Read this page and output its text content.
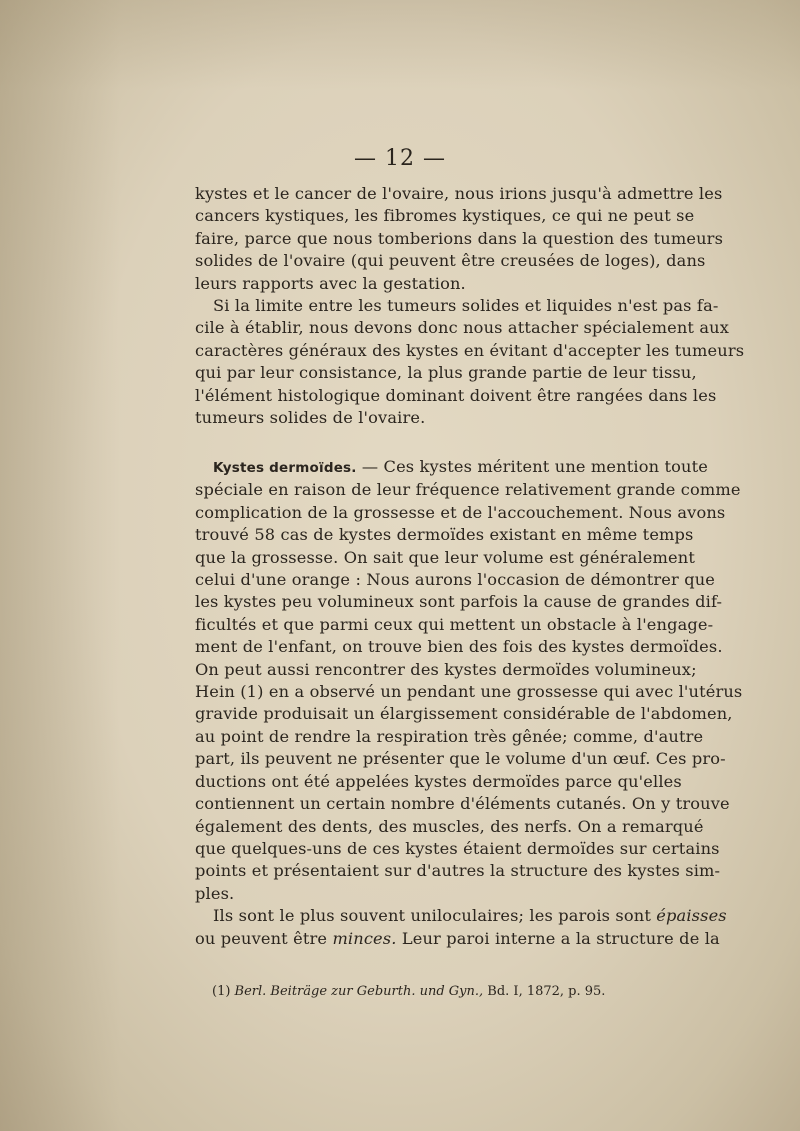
— 12 —

kystes et le cancer de l'ovaire, nous irions jusqu'à admettre les
cancers kystiques, les fibromes kystiques, ce qui ne peut se
faire, parce que nous tomberions dans la question des tumeurs
solides de l'ovaire (qui peuvent être creusées de loges), dans
leurs rapports avec la gestation.

Si la limite entre les tumeurs solides et liquides n'est pas fa-
cile à établir, nous devons donc nous attacher spécialement aux
caractères généraux des kystes en évitant d'accepter les tumeurs
qui par leur consistance, la plus grande partie de leur tissu,
l'élément histologique dominant doivent être rangées dans les
tumeurs solides de l'ovaire.

Kystes dermoïdes. — Ces kystes méritent une mention toute
spéciale en raison de leur fréquence relativement grande comme
complication de la grossesse et de l'accouchement. Nous avons
trouvé 58 cas de kystes dermoïdes existant en même temps
que la grossesse. On sait que leur volume est généralement
celui d'une orange : Nous aurons l'occasion de démontrer que
les kystes peu volumineux sont parfois la cause de grandes dif-
ficultés et que parmi ceux qui mettent un obstacle à l'engage-
ment de l'enfant, on trouve bien des fois des kystes dermoïdes.
On peut aussi rencontrer des kystes dermoïdes volumineux;
Hein (1) en a observé un pendant une grossesse qui avec l'utérus
gravide produisait un élargissement considérable de l'abdomen,
au point de rendre la respiration très gênée; comme, d'autre
part, ils peuvent ne présenter que le volume d'un œuf. Ces pro-
ductions ont été appelées kystes dermoïdes parce qu'elles
contiennent un certain nombre d'éléments cutanés. On y trouve
également des dents, des muscles, des nerfs. On a remarqué
que quelques-uns de ces kystes étaient dermoïdes sur certains
points et présentaient sur d'autres la structure des kystes sim-
ples.

Ils sont le plus souvent uniloculaires; les parois sont épaisses
ou peuvent être minces. Leur paroi interne a la structure de la

(1) Berl. Beiträge zur Geburth. und Gyn., Bd. I, 1872, p. 95.
